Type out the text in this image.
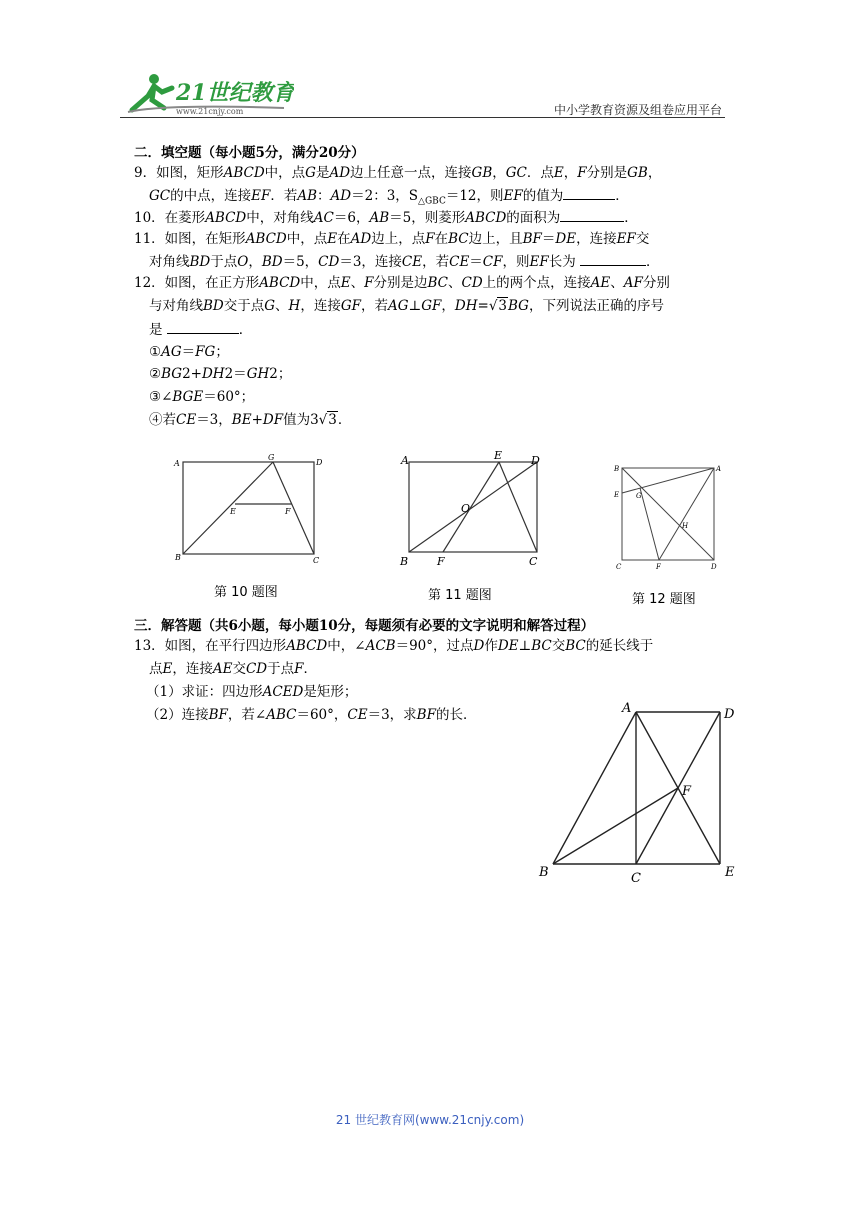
21世纪教育
www.21cnjy.com	中小学教育资源及组卷应用平台
二．填空题（每小题5分，满分20分）
9．如图，矩形ABCD中，点G是AD边上任意一点，连接GB，GC．点E，F分别是GB，
GC的中点，连接EF．若AB：AD＝2：3，$S_{\triangle GBC}=12$，则EF的值为	．
10．在菱形ABCD中，对角线AC＝6，AB＝5，则菱形ABCD的面积为	．
11．如图，在矩形ABCD中，点E在AD边上，点F在BC边上，且BF＝DE，连接EF交
对角线BD于点O，BD＝5，CD＝3，连接CE，若CE＝CF，则EF长为	．
12．如图，在正方形ABCD中，点E、F分别是边BC、CD上的两个点，连接AE、AF分别
与对角线BD交于点G、H，连接GF，若AG⊥GF，DH=√3BG，下列说法正确的序号
是	．
①AG＝FG；
②BG2+DH2＝GH2；
③∠BGE＝60°；
④若CE＝3，BE+DF值为3√3．
A
G
D
E	F
B	C
第 10 题图
A	E	D
O
B	F	C
第 11 题图
B	A
E G
H
C	F	D
第 12 题图
三．解答题（共6小题，每小题10分，每题须有必要的文字说明和解答过程）
13．如图，在平行四边形ABCD中，∠ACB＝90°，过点D作DE⊥BC交BC的延长线于
点E，连接AE交CD于点F．
（1）求证：四边形ACED是矩形；
（2）连接BF，若∠ABC＝60°，CE＝3，求BF的长．	A	D
F
B	C	E
21 世纪教育网(www.21cnjy.com)
